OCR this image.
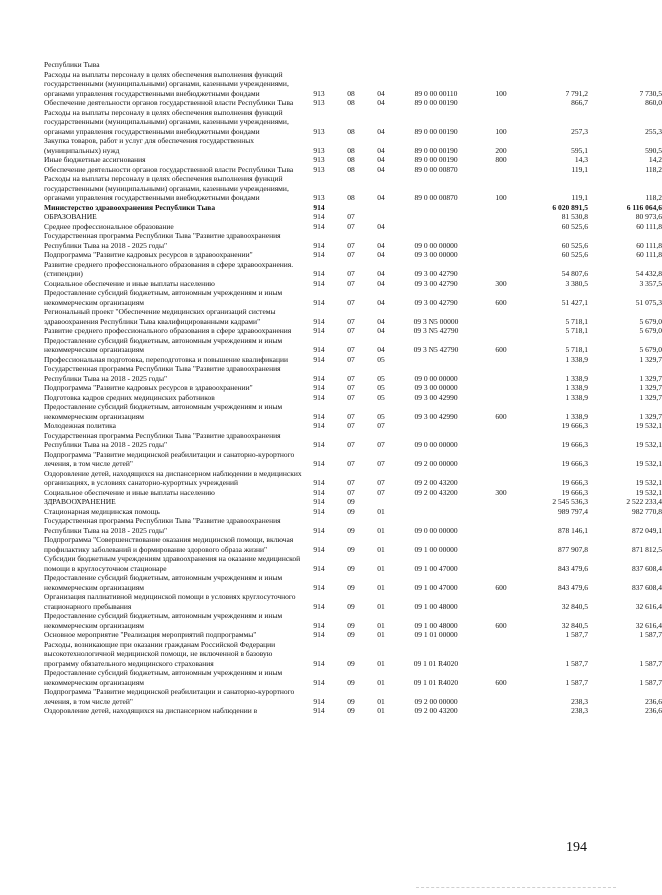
Республики Тыва
Расходы на выплаты персоналу в целях обеспечения выполнения функций государственными (муниципальными) органами, казенными учреждениями, органами управления государственными внебюджетными фондами	913	08	04	89 0 00 00110	100	7 791,2	7 730,5
Обеспечение деятельности органов государственной власти Республики Тыва	913	08	04	89 0 00 00190	866,7	860,0
Расходы на выплаты персоналу в целях обеспечения выполнения функций государственными (муниципальными) органами, казенными учреждениями, органами управления государственными внебюджетными фондами	913	08	04	89 0 00 00190	100	257,3	255,3
Закупка товаров, работ и услуг для обеспечения государственных (муниципальных) нужд	913	08	04	89 0 00 00190	200	595,1	590,5
Иные бюджетные ассигнования	913	08	04	89 0 00 00190	800	14,3	14,2
Обеспечение деятельности органов государственной власти Республики Тыва	913	08	04	89 0 00 00870	119,1	118,2
Расходы на выплаты персоналу в целях обеспечения выполнения функций государственными (муниципальными) органами, казенными учреждениями, органами управления государственными внебюджетными фондами	913	08	04	89 0 00 00870	100	119,1	118,2
Министерство здравоохранения Республики Тыва	914	6 020 891,5	6 116 064,6
ОБРАЗОВАНИЕ	914	07	81 530,8	80 973,6
Среднее профессиональное образование	914	07	04	60 525,6	60 111,8
Государственная программа Республики Тыва "Развитие здравоохранения Республики Тыва на 2018 - 2025 годы"	914	07	04	09 0 00 00000	60 525,6	60 111,8
Подпрограмма "Развитие кадровых ресурсов в здравоохранении"	914	07	04	09 3 00 00000	60 525,6	60 111,8
Развитие среднего профессионального образования в сфере здравоохранения. (стипендии)	914	07	04	09 3 00 42790	54 807,6	54 432,8
Социальное обеспечение и иные выплаты населению	914	07	04	09 3 00 42790	300	3 380,5	3 357,5
Предоставление субсидий бюджетным, автономным учреждениям и иным некоммерческим организациям	914	07	04	09 3 00 42790	600	51 427,1	51 075,3
Региональный проект "Обеспечение медицинских организаций системы здравоохранения Республики Тыва квалифицированными кадрами"	914	07	04	09 3 N5 00000	5 718,1	5 679,0
Развитие среднего профессионального образования в сфере здравоохранения	914	07	04	09 3 N5 42790	5 718,1	5 679,0
Предоставление субсидий бюджетным, автономным учреждениям и иным некоммерческим организациям	914	07	04	09 3 N5 42790	600	5 718,1	5 679,0
Профессиональная подготовка, переподготовка и повышение квалификации	914	07	05	1 338,9	1 329,7
Государственная программа Республики Тыва "Развитие здравоохранения Республики Тыва на 2018 - 2025 годы"	914	07	05	09 0 00 00000	1 338,9	1 329,7
Подпрограмма "Развитие кадровых ресурсов в здравоохранении"	914	07	05	09 3 00 00000	1 338,9	1 329,7
Подготовка кадров средних медицинских работников	914	07	05	09 3 00 42990	1 338,9	1 329,7
Предоставление субсидий бюджетным, автономным учреждениям и иным некоммерческим организациям	914	07	05	09 3 00 42990	600	1 338,9	1 329,7
Молодежная политика	914	07	07	19 666,3	19 532,1
Государственная программа Республики Тыва "Развитие здравоохранения Республики Тыва на 2018 - 2025 годы"	914	07	07	09 0 00 00000	19 666,3	19 532,1
Подпрограмма "Развитие медицинской реабилитации и санаторно-курортного лечения, в том числе детей"	914	07	07	09 2 00 00000	19 666,3	19 532,1
Оздоровление детей, находящихся на диспансерном наблюдении в медицинских организациях, в условиях санаторно-курортных учреждений	914	07	07	09 2 00 43200	19 666,3	19 532,1
Социальное обеспечение и иные выплаты населению	914	07	07	09 2 00 43200	300	19 666,3	19 532,1
ЗДРАВООХРАНЕНИЕ	914	09	2 545 536,3	2 522 233,4
Стационарная медицинская помощь	914	09	01	989 797,4	982 770,8
Государственная программа Республики Тыва "Развитие здравоохранения Республики Тыва на 2018 - 2025 годы"	914	09	01	09 0 00 00000	878 146,1	872 049,1
Подпрограмма "Совершенствование оказания медицинской помощи, включая профилактику заболеваний и формирование здорового образа жизни"	914	09	01	09 1 00 00000	877 907,8	871 812,5
Субсидии бюджетным учреждениям здравоохранения на оказание медицинской помощи в круглосуточном стационаре	914	09	01	09 1 00 47000	843 479,6	837 608,4
Предоставление субсидий бюджетным, автономным учреждениям и иным некоммерческим организациям	914	09	01	09 1 00 47000	600	843 479,6	837 608,4
Организация паллиативной медицинской помощи в условиях круглосуточного стационарного пребывания	914	09	01	09 1 00 48000	32 840,5	32 616,4
Предоставление субсидий бюджетным, автономным учреждениям и иным некоммерческим организациям	914	09	01	09 1 00 48000	600	32 840,5	32 616,4
Основное мероприятие "Реализация мероприятий подпрограммы"	914	09	01	09 1 01 00000	1 587,7	1 587,7
Расходы, возникающие при оказании гражданам Российской Федерации высокотехнологичной медицинской помощи, не включенной в базовую программу обязательного медицинского страхования	914	09	01	09 1 01 R4020	1 587,7	1 587,7
Предоставление субсидий бюджетным, автономным учреждениям и иным некоммерческим организациям	914	09	01	09 1 01 R4020	600	1 587,7	1 587,7
Подпрограмма "Развитие медицинской реабилитации и санаторно-курортного лечения, в том числе детей"	914	09	01	09 2 00 00000	238,3	236,6
Оздоровление детей, находящихся на диспансерном наблюдении в	914	09	01	09 2 00 43200	238,3	236,6
194
